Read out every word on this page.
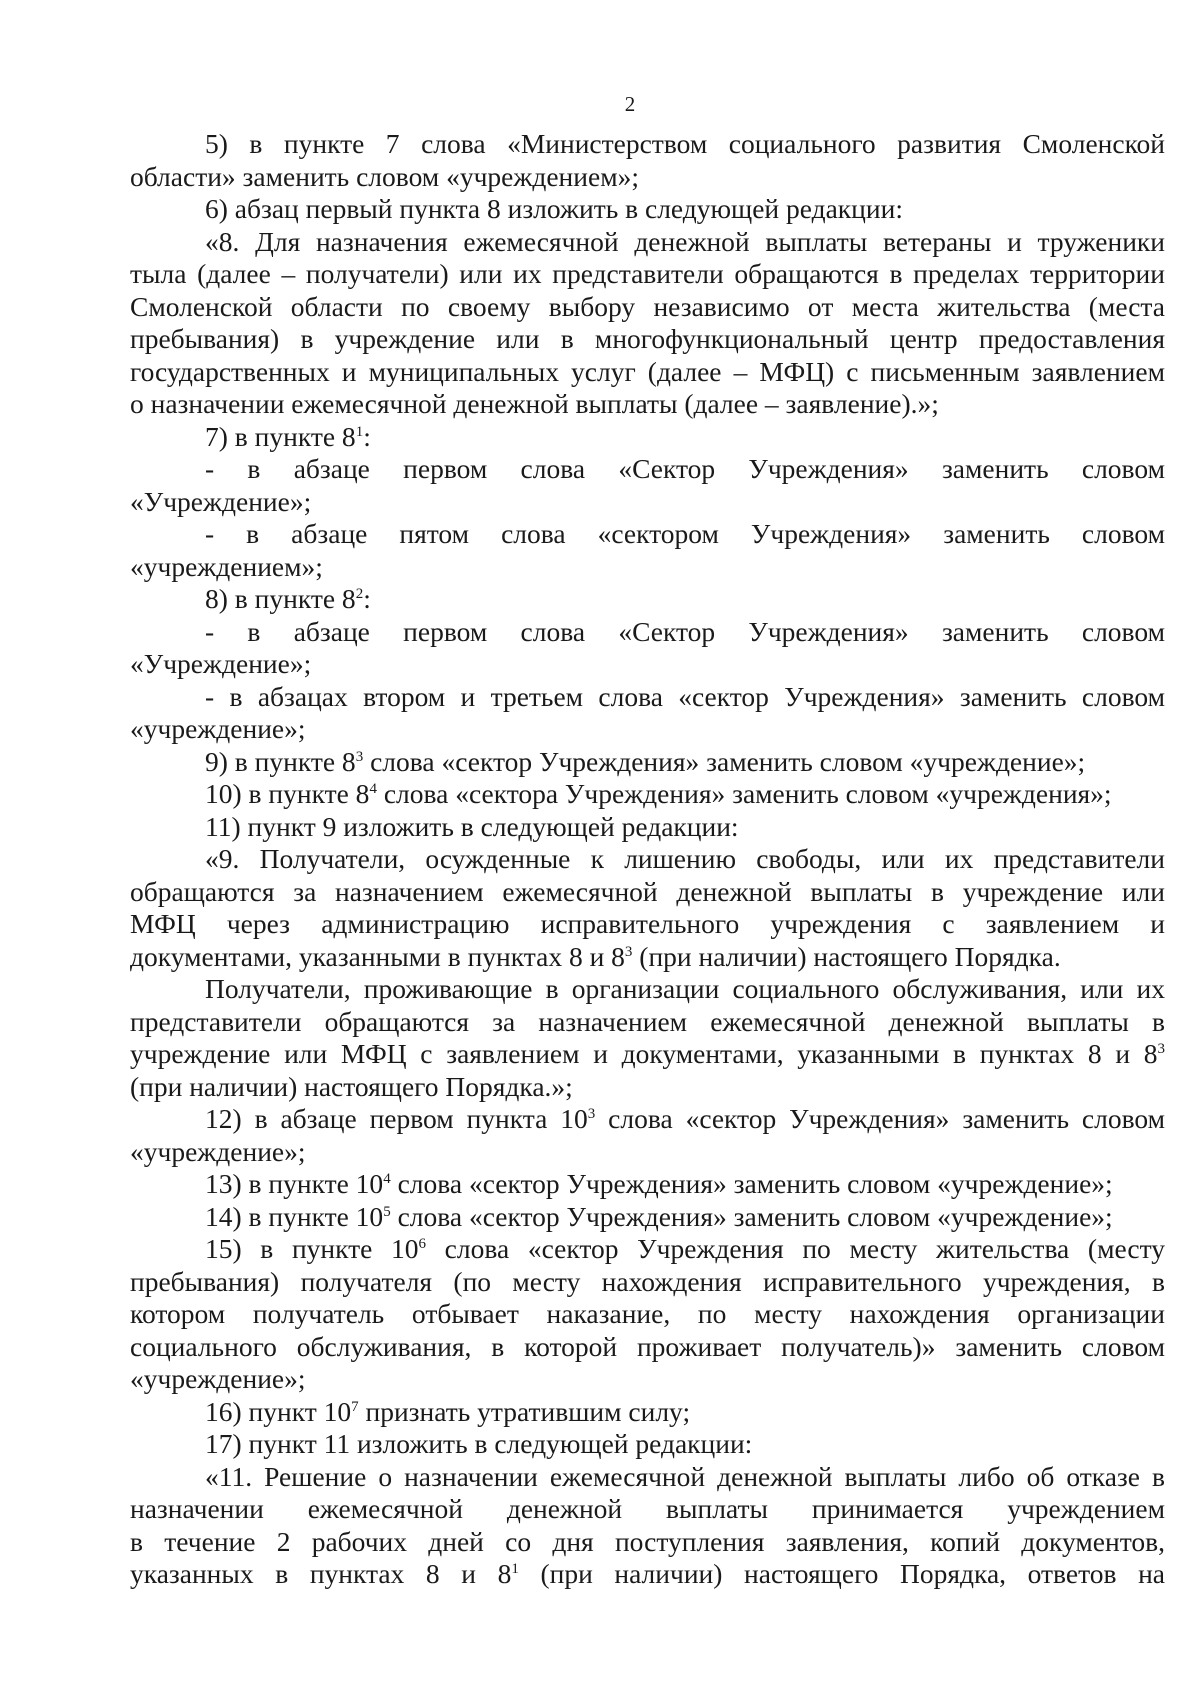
2
5) в пункте 7 слова «Министерством социального развития Смоленской
области» заменить словом «учреждением»;
6) абзац первый пункта 8 изложить в следующей редакции:
«8. Для назначения ежемесячной денежной выплаты ветераны и труженики
тыла (далее – получатели) или их представители обращаются в пределах территории
Смоленской области по своему выбору независимо от места жительства (места
пребывания) в учреждение или в многофункциональный центр предоставления
государственных и муниципальных услуг (далее – МФЦ) с письменным заявлением
о назначении ежемесячной денежной выплаты (далее – заявление).»;
7) в пункте $8^1$:
- в абзаце первом слова «Сектор Учреждения» заменить словом
«Учреждение»;
- в абзаце пятом слова «сектором Учреждения» заменить словом
«учреждением»;
8) в пункте $8^2$:
- в абзаце первом слова «Сектор Учреждения» заменить словом
«Учреждение»;
- в абзацах втором и третьем слова «сектор Учреждения» заменить словом
«учреждение»;
9) в пункте $8^3$ слова «сектор Учреждения» заменить словом «учреждение»;
10) в пункте $8^4$ слова «сектора Учреждения» заменить словом «учреждения»;
11) пункт 9 изложить в следующей редакции:
«9. Получатели, осужденные к лишению свободы, или их представители
обращаются за назначением ежемесячной денежной выплаты в учреждение или
МФЦ через администрацию исправительного учреждения с заявлением и
документами, указанными в пунктах 8 и $8^3$ (при наличии) настоящего Порядка.
Получатели, проживающие в организации социального обслуживания, или их
представители обращаются за назначением ежемесячной денежной выплаты в
учреждение или МФЦ с заявлением и документами, указанными в пунктах 8 и $8^3$
(при наличии) настоящего Порядка.»;
12) в абзаце первом пункта $10^3$ слова «сектор Учреждения» заменить словом
«учреждение»;
13) в пункте $10^4$ слова «сектор Учреждения» заменить словом «учреждение»;
14) в пункте $10^5$ слова «сектор Учреждения» заменить словом «учреждение»;
15) в пункте $10^6$ слова «сектор Учреждения по месту жительства (месту
пребывания) получателя (по месту нахождения исправительного учреждения, в
котором получатель отбывает наказание, по месту нахождения организации
социального обслуживания, в которой проживает получатель)» заменить словом
«учреждение»;
16) пункт $10^7$ признать утратившим силу;
17) пункт 11 изложить в следующей редакции:
«11. Решение о назначении ежемесячной денежной выплаты либо об отказе в
назначении ежемесячной денежной выплаты принимается учреждением
в течение 2 рабочих дней со дня поступления заявления, копий документов,
указанных в пунктах 8 и $8^1$ (при наличии) настоящего Порядка, ответов на
